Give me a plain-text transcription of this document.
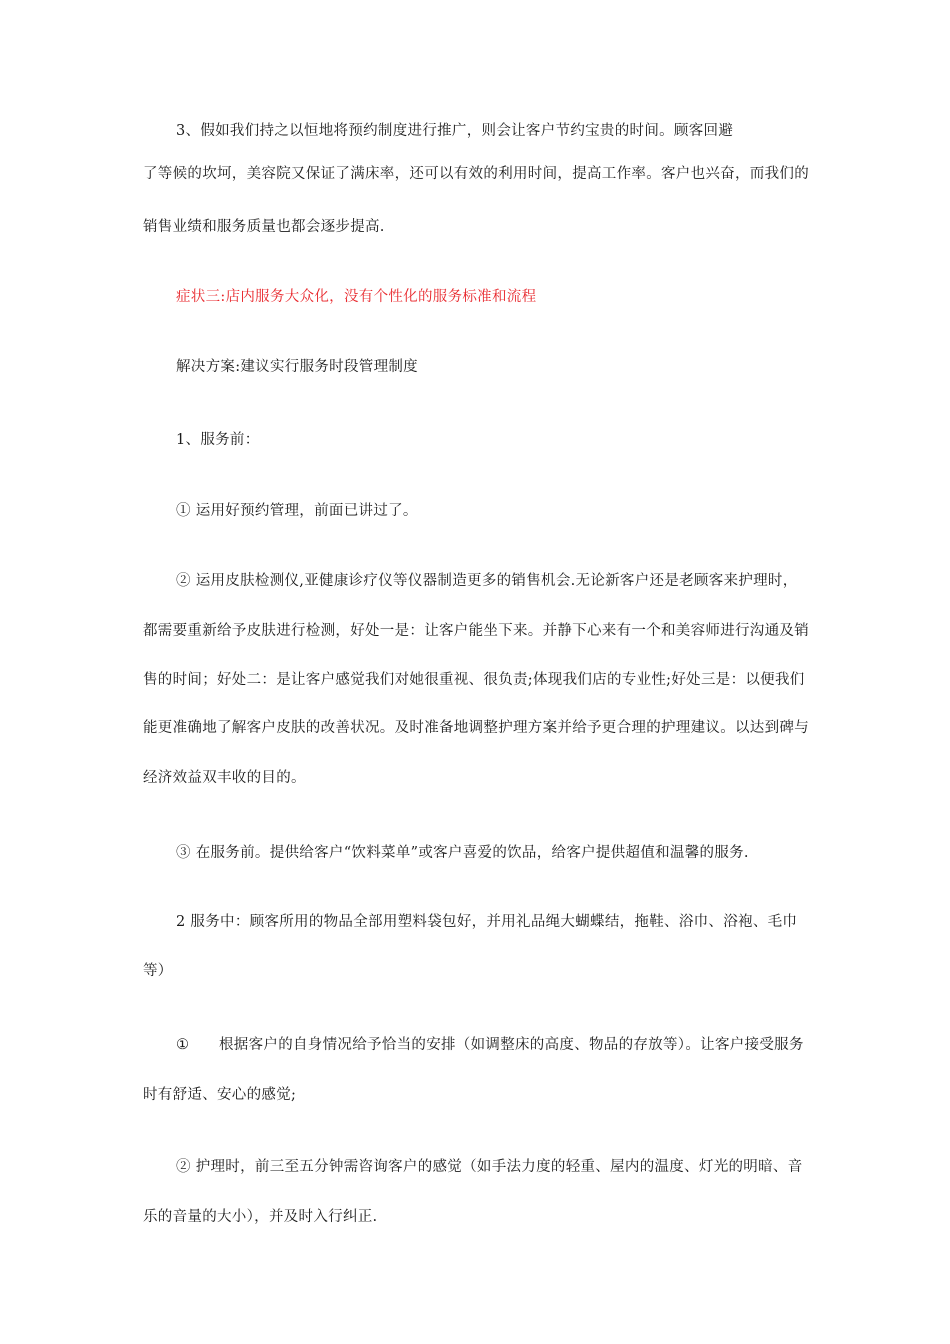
3、假如我们持之以恒地将预约制度进行推广，则会让客户节约宝贵的时间。顾客回避
了等候的坎坷，美容院又保证了满床率，还可以有效的利用时间，提高工作率。客户也兴奋，而我们的
销售业绩和服务质量也都会逐步提高.
症状三:店内服务大众化，没有个性化的服务标准和流程
解决方案:建议实行服务时段管理制度
1、服务前：
① 运用好预约管理，前面已讲过了。
② 运用皮肤检测仪,亚健康诊疗仪等仪器制造更多的销售机会.无论新客户还是老顾客来护理时，
都需要重新给予皮肤进行检测，好处一是：让客户能坐下来。并静下心来有一个和美容师进行沟通及销
售的时间；好处二：是让客户感觉我们对她很重视、很负责;体现我们店的专业性;好处三是：以便我们
能更准确地了解客户皮肤的改善状况。及时准备地调整护理方案并给予更合理的护理建议。以达到碑与
经济效益双丰收的目的。
③ 在服务前。提供给客户“饮料菜单”或客户喜爱的饮品，给客户提供超值和温馨的服务.
2 服务中：顾客所用的物品全部用塑料袋包好，并用礼品绳大蝴蝶结，拖鞋、浴巾、浴袍、毛巾
等）
① 根据客户的自身情况给予恰当的安排（如调整床的高度、物品的存放等）。让客户接受服务
时有舒适、安心的感觉;
② 护理时，前三至五分钟需咨询客户的感觉（如手法力度的轻重、屋内的温度、灯光的明暗、音
乐的音量的大小），并及时入行纠正.
